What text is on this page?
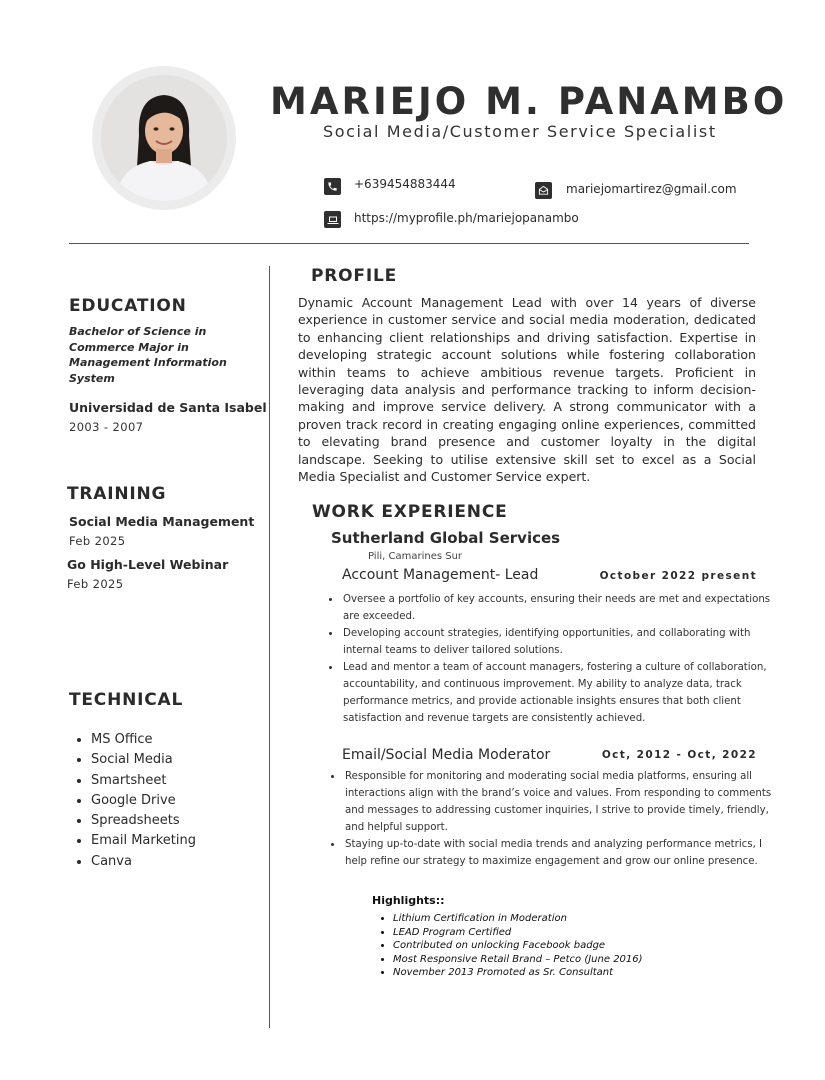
MARIEJO M. PANAMBO
Social Media/Customer Service Specialist
+639454883444	mariejomartirez@gmail.com
https://myprofile.ph/mariejopanambo
EDUCATION
Bachelor of Science in Commerce Major in Management Information System
Universidad de Santa Isabel
2003 - 2007
TRAINING
Social Media Management
Feb 2025
Go High-Level Webinar
Feb 2025
TECHNICAL
• MS Office
• Social Media
• Smartsheet
• Google Drive
• Spreadsheets
• Email Marketing
• Canva
PROFILE
Dynamic Account Management Lead with over 14 years of diverse experience in customer service and social media moderation, dedicated to enhancing client relationships and driving satisfaction. Expertise in developing strategic account solutions while fostering collaboration within teams to achieve ambitious revenue targets. Proficient in leveraging data analysis and performance tracking to inform decision-making and improve service delivery. A strong communicator with a proven track record in creating engaging online experiences, committed to elevating brand presence and customer loyalty in the digital landscape. Seeking to utilise extensive skill set to excel as a Social Media Specialist and Customer Service expert.
WORK EXPERIENCE
Sutherland Global Services
Pili, Camarines Sur
Account Management- Lead	October 2022 present
• Oversee a portfolio of key accounts, ensuring their needs are met and expectations are exceeded.
• Developing account strategies, identifying opportunities, and collaborating with internal teams to deliver tailored solutions.
• Lead and mentor a team of account managers, fostering a culture of collaboration, accountability, and continuous improvement. My ability to analyze data, track performance metrics, and provide actionable insights ensures that both client satisfaction and revenue targets are consistently achieved.
Email/Social Media Moderator	Oct, 2012 - Oct, 2022
• Responsible for monitoring and moderating social media platforms, ensuring all interactions align with the brand’s voice and values. From responding to comments and messages to addressing customer inquiries, I strive to provide timely, friendly, and helpful support.
• Staying up-to-date with social media trends and analyzing performance metrics, I help refine our strategy to maximize engagement and grow our online presence.
Highlights::
• Lithium Certification in Moderation
• LEAD Program Certified
• Contributed on unlocking Facebook badge
• Most Responsive Retail Brand – Petco (June 2016)
• November 2013 Promoted as Sr. Consultant
